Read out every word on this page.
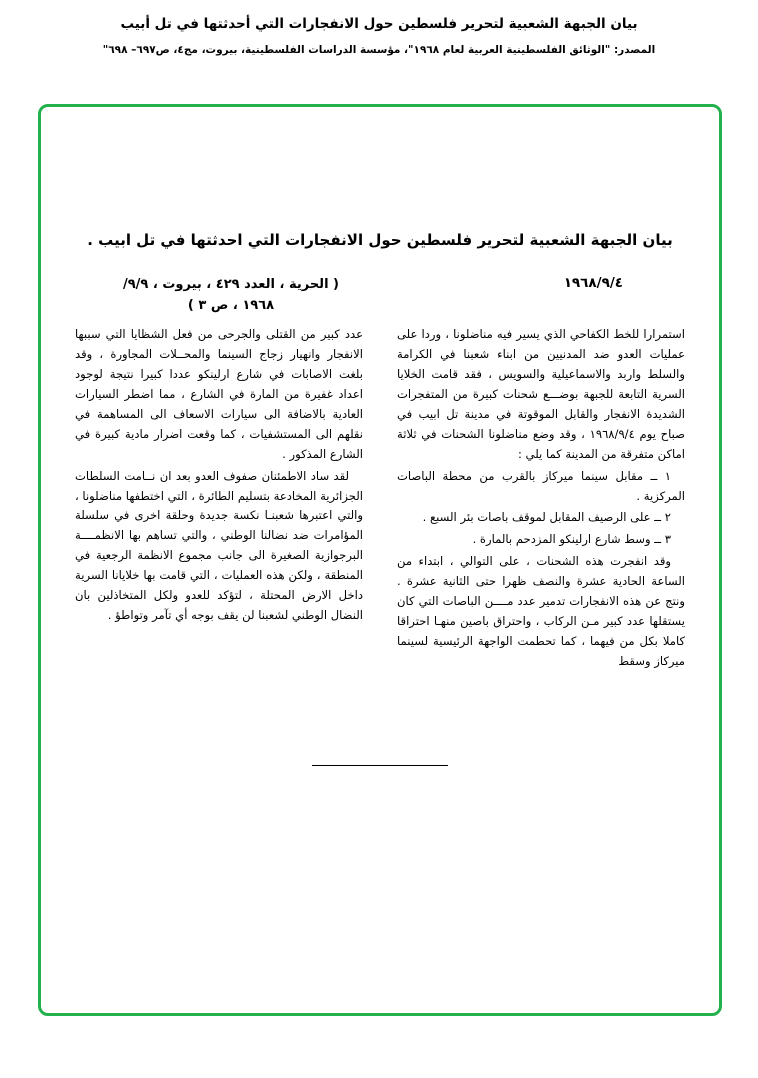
بيان الجبهة الشعبية لتحرير فلسطين حول الانفجارات التي أحدثتها في تل أبيب
المصدر: "الوثائق الفلسطينية العربية لعام ١٩٦٨"، مؤسسة الدراسات الفلسطينية، بيروت، مج٤، ص٦٩٧– ٦٩٨"
بيان الجبهة الشعبية لتحرير فلسطين حول الانفجارات التي احدثتها في تل ابيب .
١٩٦٨/٩/٤
( الحرية ، العدد ٤٢٩ ، بيروت ، ٩/٩/
١٩٦٨ ، ص ٣ )

استمرارا للخط الكفاحي الذي يسير فيه مناضلونا ، وردا على عمليات العدو ضد المدنيين من ابناء شعبنا في الكرامة والسلط واربد والاسماعيلية والسويس ، فقد قامت الخلايا السرية التابعة للجبهة بوضـــع شحنات كبيرة من المتفجرات الشديدة الانفجار والقابل الموقوتة في مدينة تل ابيب في صباح يوم ١٩٦٨/٩/٤ ، وقد وضع مناضلونا الشحنات في ثلاثة اماكن متفرقة من المدينة كما يلي :

١ ــ مقابل سينما ميركاز بالقرب من محطة الباصات المركزية .

٢ ــ على الرصيف المقابل لموقف باصات بئر السبع .

٣ ــ وسط شارع ارلينكو المزدحم بالمارة .

وقد انفجرت هذه الشحنات ، على التوالي ، ابتداء من الساعة الحادية عشرة والنصف ظهرا حتى الثانية عشرة . ونتج عن هذه الانفجارات تدمير عدد مــــن الباصات التي كان يستقلها عدد كبير مـن الركاب ، واحتراق باصين منهـا احتراقا كاملا بكل من فيهما ، كما تحطمت الواجهة الرئيسية لسينما ميركاز وسقط

عدد كبير من القتلى والجرحى من فعل الشظايا التي سببها الانفجار وانهيار زجاج السينما والمحــلات المجاورة ، وقد بلغت الاصابات في شارع ارلينكو عددا كبيرا نتيجة لوجود اعداد غفيرة من المارة في الشارع ، مما اضطر السيارات العادية بالاضافة الى سيارات الاسعاف الى المساهمة في نقلهم الى المستشفيات ، كما وقعت اضرار مادية كبيرة في الشارع المذكور .

لقد ساد الاطمئنان صفوف العدو بعد ان نــامت السلطات الجزائرية المخادعة بتسليم الطائرة ، التي اختطفها مناضلونا ، والتي اعتبرها شعبنـا نكسة جديدة وحلقة اخرى في سلسلة المؤامرات ضد نضالنا الوطني ، والتي تساهم بها الانظمــــة البرجوازية الصغيرة الى جانب مجموع الانظمة الرجعية في المنطقة ، ولكن هذه العمليات ، التي قامت بها خلايانا السرية داخل الارض المحتلة ، لتؤكد للعدو ولكل المتخاذلين بان النضال الوطني لشعبنا لن يقف بوجه أي تآمر وتواطؤ .
